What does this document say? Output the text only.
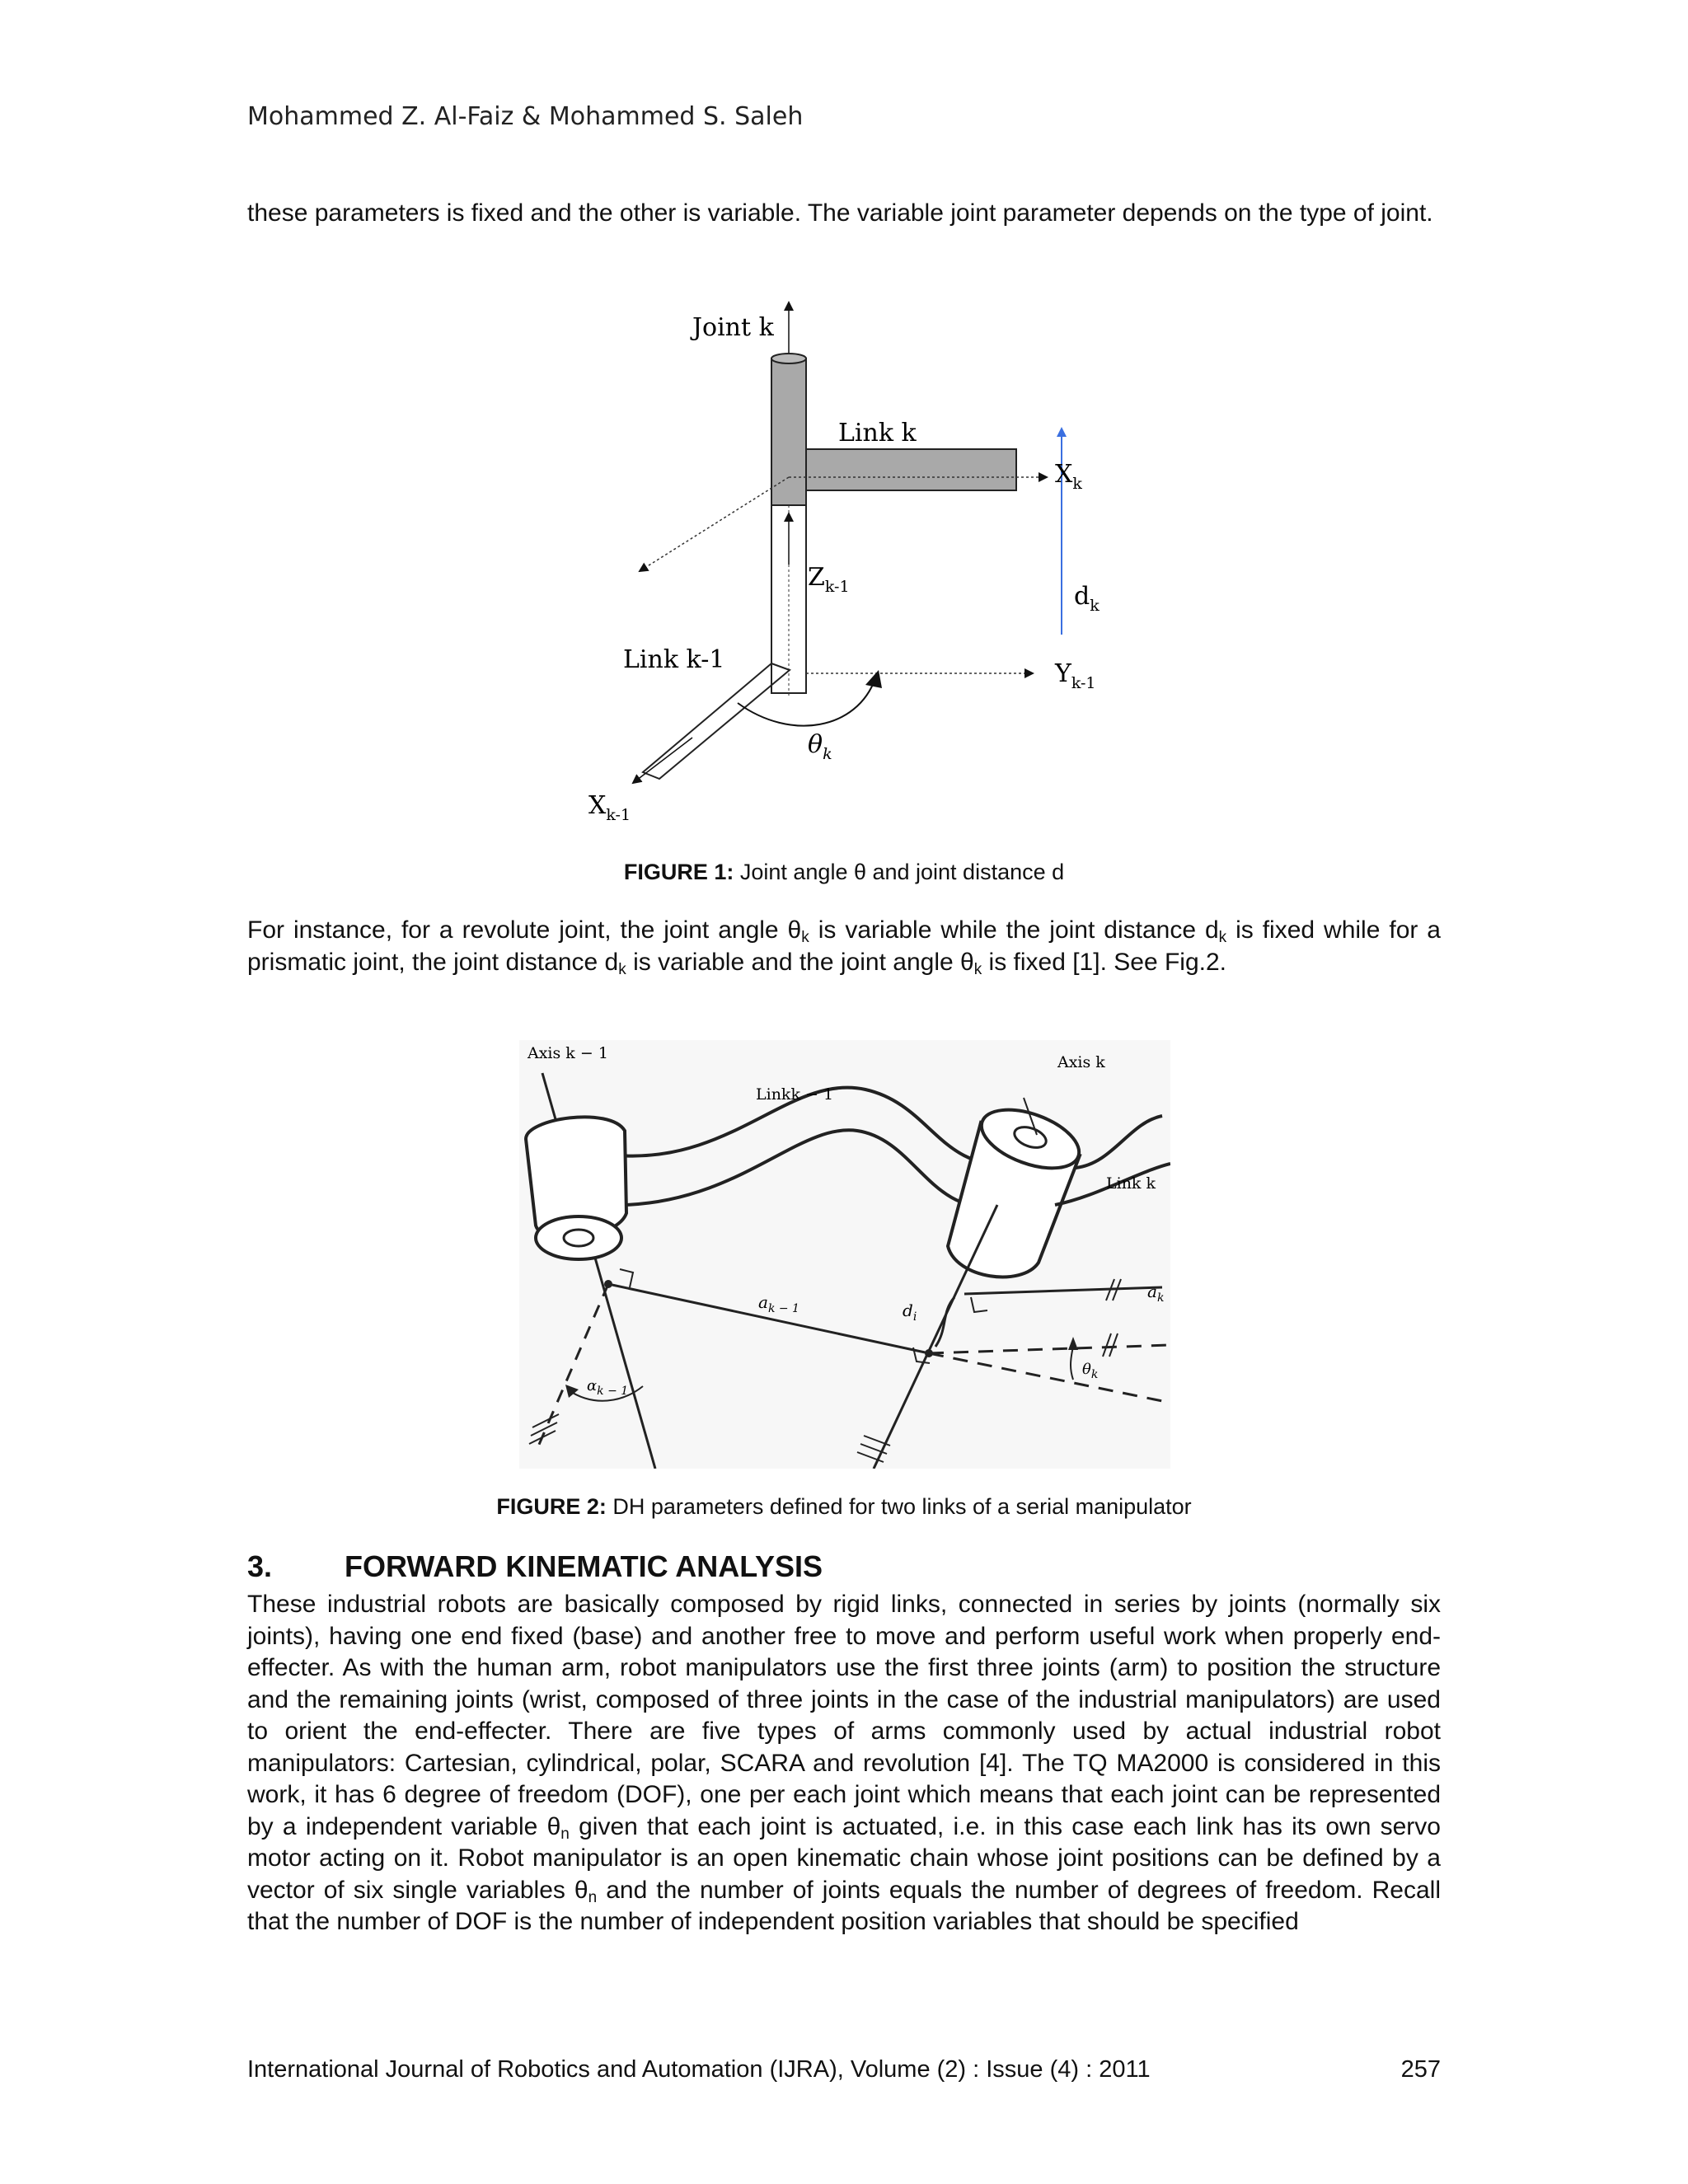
Mohammed Z. Al-Faiz & Mohammed S. Saleh
these parameters is fixed and the other is variable. The variable joint parameter depends on the type of joint.
Joint k
Link k
$X_k$
$Z_{k-1}$	$d_k$
Link k-1	$Y_{k-1}$
$\theta_k$
$X_{k-1}$
FIGURE 1: Joint angle θ and joint distance d
For instance, for a revolute joint, the joint angle $\theta_k$ is variable while the joint distance $d_k$ is fixed while for a prismatic joint, the joint distance $d_k$ is variable and the joint angle $\theta_k$ is fixed [1]. See Fig.2.
Axis k − 1	Axis k
Linkk − 1
Link k
$a_{k - 1}$	$d_i$
$a_k$
$\theta_k$
$\alpha_{k - 1}$
FIGURE 2: DH parameters defined for two links of a serial manipulator
3. FORWARD KINEMATIC ANALYSIS
These industrial robots are basically composed by rigid links, connected in series by joints (normally six joints), having one end fixed (base) and another free to move and perform useful work when properly end-effecter. As with the human arm, robot manipulators use the first three joints (arm) to position the structure and the remaining joints (wrist, composed of three joints in the case of the industrial manipulators) are used to orient the end-effecter. There are five types of arms commonly used by actual industrial robot manipulators: Cartesian, cylindrical, polar, SCARA and revolution [4]. The TQ MA2000 is considered in this work, it has 6 degree of freedom (DOF), one per each joint which means that each joint can be represented by a independent variable $\theta_n$ given that each joint is actuated, i.e. in this case each link has its own servo motor acting on it. Robot manipulator is an open kinematic chain whose joint positions can be defined by a vector of six single variables $\theta_n$ and the number of joints equals the number of degrees of freedom. Recall that the number of DOF is the number of independent position variables that should be specified
International Journal of Robotics and Automation (IJRA), Volume (2) : Issue (4) : 2011	257
